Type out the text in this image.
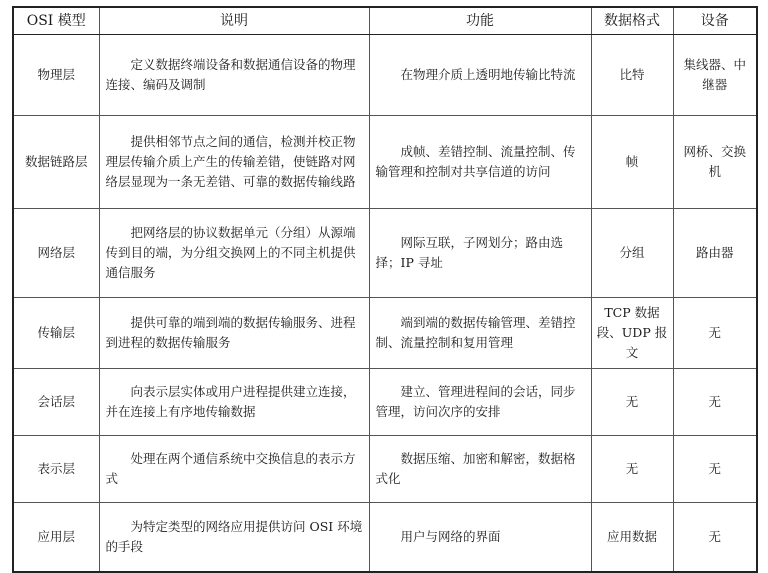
OSI 模型	说明	功能	数据格式	设备
物理层	定义数据终端设备和数据通信设备的物理连接、编码及调制	在物理介质上透明地传输比特流	比特	集线器、中继器
数据链路层	提供相邻节点之间的通信，检测并校正物理层传输介质上产生的传输差错，使链路对网络层显现为一条无差错、可靠的数据传输线路	成帧、差错控制、流量控制、传输管理和控制对共享信道的访问	帧	网桥、交换机
网络层	把网络层的协议数据单元（分组）从源端传到目的端，为分组交换网上的不同主机提供通信服务	网际互联，子网划分；路由选择；IP 寻址	分组	路由器
传输层	提供可靠的端到端的数据传输服务、进程到进程的数据传输服务	端到端的数据传输管理、差错控制、流量控制和复用管理	TCP 数据段、UDP 报文	无
会话层	向表示层实体或用户进程提供建立连接，并在连接上有序地传输数据	建立、管理进程间的会话，同步管理，访问次序的安排	无	无
表示层	处理在两个通信系统中交换信息的表示方式	数据压缩、加密和解密，数据格式化	无	无
应用层	为特定类型的网络应用提供访问 OSI 环境的手段	用户与网络的界面	应用数据	无
